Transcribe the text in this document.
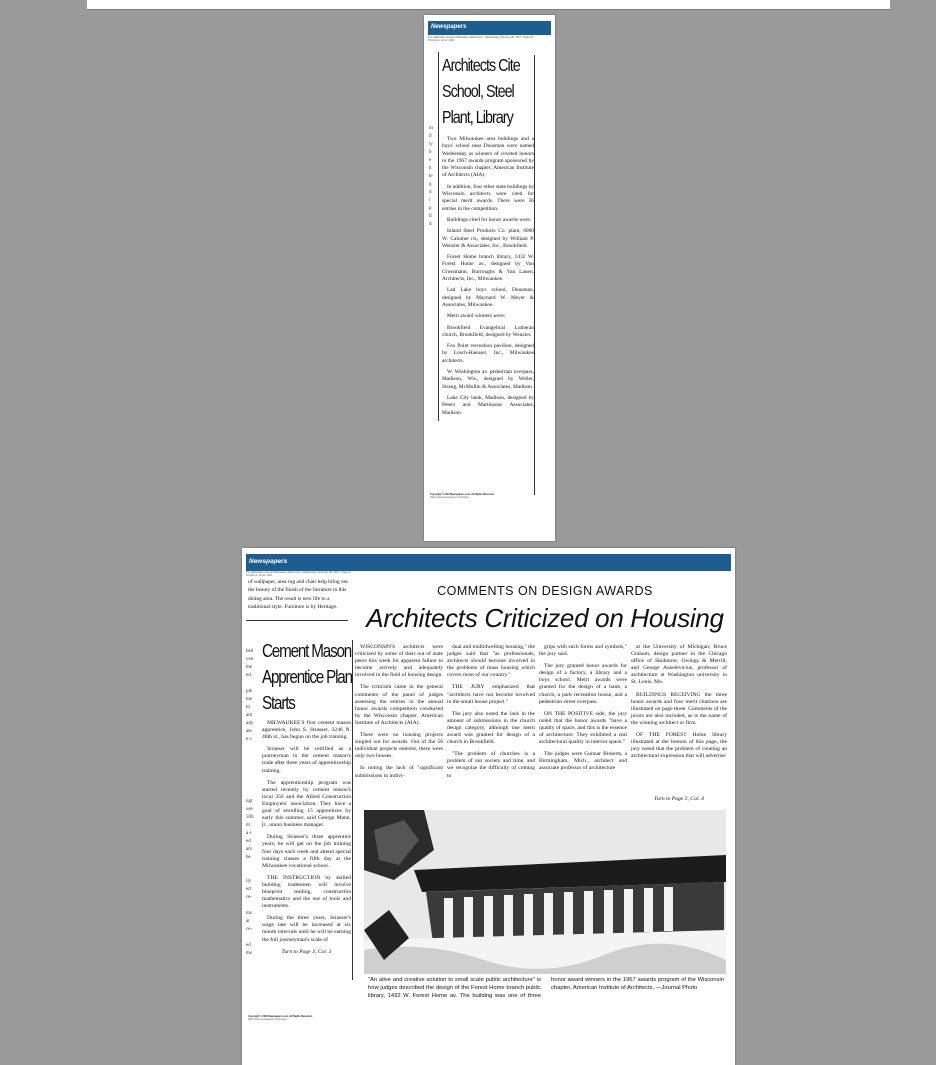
Newspapers
The Milwaukee Journal (Milwaukee, Wisconsin) · Wednesday, February 08, 1967 · Page 27
Printed on Jul 11, 2023
m
ll
ly
b
e
h
le
g
d
i
p
fi
d
Architects Cite School, Steel Plant, Library

Two Milwaukee area buildings and a boys' school near Dousman were named Wednesday as winners of coveted honors in the 1967 awards program sponsored by the Wisconsin chapter, American Institute of Architects (AIA).

In addition, four other state buildings by Wisconsin architects were cited for special merit awards. There were 56 entries in the competition.

Buildings cited for honor awards were:

Inland Steel Products Co. plant, 6000 W. Calumet rd., designed by William P. Wenzler & Associates, Inc., Brookfield.

Forest Home branch library, 1432 W. Forest Home av., designed by Von Grossmann, Burroughs & Van Lanen, Architects, Inc., Milwaukee.

Lad Lake boys school, Dousman, designed by Maynard W. Meyer & Associates, Milwaukee.

Merit award winners were:

Brookfield Evangelical Lutheran church, Brookfield, designed by Wenzler.

Fox Point recreation pavilion, designed by Losch-Haeuser, Inc., Milwaukee architects.

W. Washington av. pedestrian overpass, Madison, Wis., designed by Weiler, Strang, McMullin & Associates, Madison.

Lake City bank, Madison, designed by Peters and Martinsons Associates, Madison.

Copyright © 2023 Newspapers.com. All Rights Reserved.
https://www.newspapers.com/image/...
Newspapers
The Milwaukee Journal (Milwaukee, Wisconsin) · Wednesday, February 08, 1967 · Page 27
Printed on Jul 11, 2023
of wallpaper, area rug and chair help bring out the beauty of the finish of the furniture in this dining area. The result is new life to a traditional style. Furniture is by Heritage.
COMMENTS ON DESIGN AWARDS
Architects Criticized on Housing
bed
ven
the
ed.

ple
me
to
am
ady
ate
e c
ngr
use
500
m
a s
ed
ars
he

ily
ert
re-

ms
ar
ce-

ed
ms
Cement Mason Apprentice Plan Starts

MILWAUKEE'S first cement mason apprentice, John S. Strasser, 3246 N. 46th st., has begun on the job training.

Strasser will be certified as a journeyman in the cement mason's trade after three years of apprenticeship training.

The apprenticeship program was started recently by cement mason's local 356 and the Allied Construction Employers' association. They have a goal of enrolling 15 apprentices by early this summer, said George Mann, jr., union business manager.

During Strasser's three apprentice years, he will get on the job training four days each week and attend special training classes a fifth day at the Milwaukee vocational school.

THE INSTRUCTION by skilled building tradesmen will involve blueprint reading, construction mathematics and the use of tools and instruments.

During the three years, Strasser's wage rate will be increased at six month intervals until he will be earning the full journeyman's scale of

Turn to Page 3, Col. 3

WISCONSIN'S architects were criticized by some of their out of state peers this week for apparent failure to become actively and adequately involved in the field of housing design.

The criticism came in the general comments of the panel of judges assessing the entries in the annual honor awards competition conducted by the Wisconsin chapter, American Institute of Architects (AIA).

There were no housing projects singled out for awards. Out of the 56 individual projects entered, there were only two houses.

In noting the lack of "significant submissions in indivi-

dual and multidwelling housing," the judges said that "as professionals, architects should become involved in the problems of mass housing which covers most of our country."

THE JURY emphasized that "architects have not become involved in the small house project."

The jury also noted the lack in the amount of submissions in the church design category, although one merit award was granted for design of a church in Brookfield.

"The problem of churches is a problem of our society and time, and we recognize the difficulty of coming to

grips with such forms and symbols," the jury said.

The jury granted honor awards for design of a factory, a library and a boys school. Merit awards were granted for the design of a bank, a church, a park recreation house, and a pedestrian street overpass.

ON THE POSITIVE side, the jury noted that the honor awards "have a quality of space, and this is the essence of architecture. They exhibited a real architectural quality in interior space."

The judges were Gunnar Birkerts, a Birmingham, Mich., architect and associate professor of architecture

at the University of Michigan; Bruce Graham, design partner in the Chicago office of Skidmore, Owings & Merrill; and George Anselevicius, professor of architecture at Washington university in St. Louis, Mo.

BUILDINGS RECEIVING the three honor awards and four merit citations are illustrated on page three. Comments of the jurors are also included, as is the name of the winning architect or firm.

OF THE FOREST Home library illustrated at the bottom of this page, the jury noted that the problem of creating an architectural expression that will advertise

Turn to Page 3, Col. 4

"An alive and creative solution to small scale public architecture" is how judges described the design of the Forest Home branch public library, 1432 W. Forest Home av. The building was one of three honor award winners in the 1967 awards program of the Wisconsin chapter, American Institute of Architects. —Journal Photo
Copyright © 2023 Newspapers.com. All Rights Reserved.
https://www.newspapers.com/image/...
